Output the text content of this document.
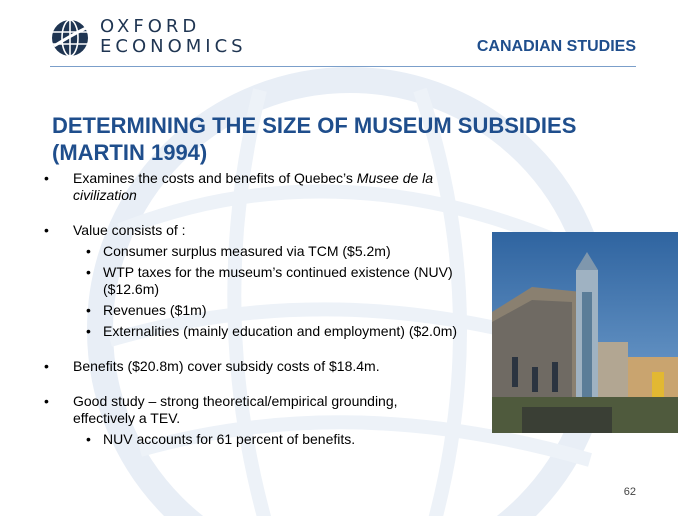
OXFORD
ECONOMICS	CANADIAN STUDIES
DETERMINING THE SIZE OF MUSEUM SUBSIDIES
(MARTIN 1994)
• Examines the costs and benefits of Quebec’s Musee de la civilization
• Value consists of :
• Consumer surplus measured via TCM ($5.2m)
• WTP taxes for the museum’s continued existence (NUV) ($12.6m)
• Revenues ($1m)
• Externalities (mainly education and employment) ($2.0m)
• Benefits ($20.8m) cover subsidy costs of $18.4m.
• Good study – strong theoretical/empirical grounding, effectively a TEV.
• NUV accounts for 61 percent of benefits.
62
